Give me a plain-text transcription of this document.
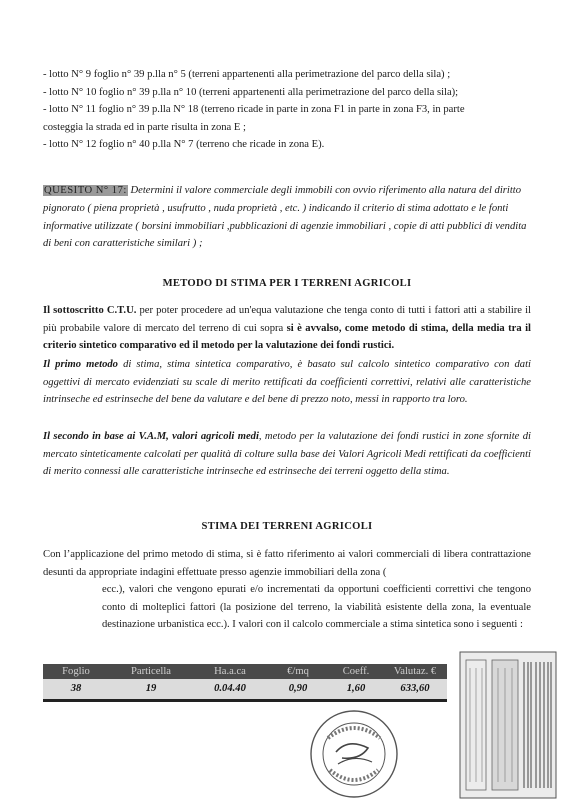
- lotto N° 9 foglio n° 39 p.lla n° 5 (terreni appartenenti alla perimetrazione del parco della sila) ;

- lotto N° 10 foglio n° 39 p.lla n° 10 (terreni appartenenti alla perimetrazione del parco della sila);

- lotto N° 11 foglio n° 39 p.lla N° 18 (terreno ricade in parte in zona F1 in parte in zona F3, in parte

costeggia la strada ed in parte risulta in zona E ;

- lotto N° 12 foglio n° 40 p.lla N° 7 (terreno che ricade in zona E).

QUESITO N° 17: Determini il valore commerciale degli immobili con ovvio riferimento alla natura del diritto pignorato ( piena proprietà , usufrutto , nuda proprietà , etc. ) indicando il criterio di stima adottato e le fonti informative utilizzate ( borsini immobiliari ,pubblicazioni di agenzie immobiliari , copie di atti pubblici di vendita di beni con caratteristiche similari ) ;
METODO DI STIMA PER I TERRENI AGRICOLI
Il sottoscritto C.T.U. per poter procedere ad un'equa valutazione che tenga conto di tutti i fattori atti a stabilire il più probabile valore di mercato del terreno di cui sopra si è avvalso, come metodo di stima, della media tra il criterio sintetico comparativo ed il metodo per la valutazione dei fondi rustici.
Il primo metodo di stima, stima sintetica comparativo, è basato sul calcolo sintetico comparativo con dati oggettivi di mercato evidenziati su scale di merito rettificati da coefficienti correttivi, relativi alle caratteristiche intrinseche ed estrinseche del bene da valutare e del bene di prezzo noto, messi in rapporto tra loro.
Il secondo in base ai V.A.M, valori agricoli medi, metodo per la valutazione dei fondi rustici in zone sfornite di mercato sinteticamente calcolati per qualità di colture sulla base dei Valori Agricoli Medi rettificati da coefficienti di merito connessi alle caratteristiche intrinseche ed estrinseche dei terreni oggetto della stima.
STIMA DEI TERRENI AGRICOLI

Con l’applicazione del primo metodo di stima, si è fatto riferimento ai valori commerciali di libera contrattazione desunti da appropriate indagini effettuate presso agenzie immobiliari della zona (

ecc.), valori che vengono epurati e/o incrementati da opportuni coefficienti correttivi che tengono conto di molteplici fattori (la posizione del terreno, la viabilità esistente della zona, la eventuale destinazione urbanistica ecc.). I valori con il calcolo commerciale a stima sintetica sono i seguenti :

Foglio	Particella	Ha.a.ca	€/mq	Coeff.	Valutaz. €
38	19	0.04.40	0,90	1,60	633,60
